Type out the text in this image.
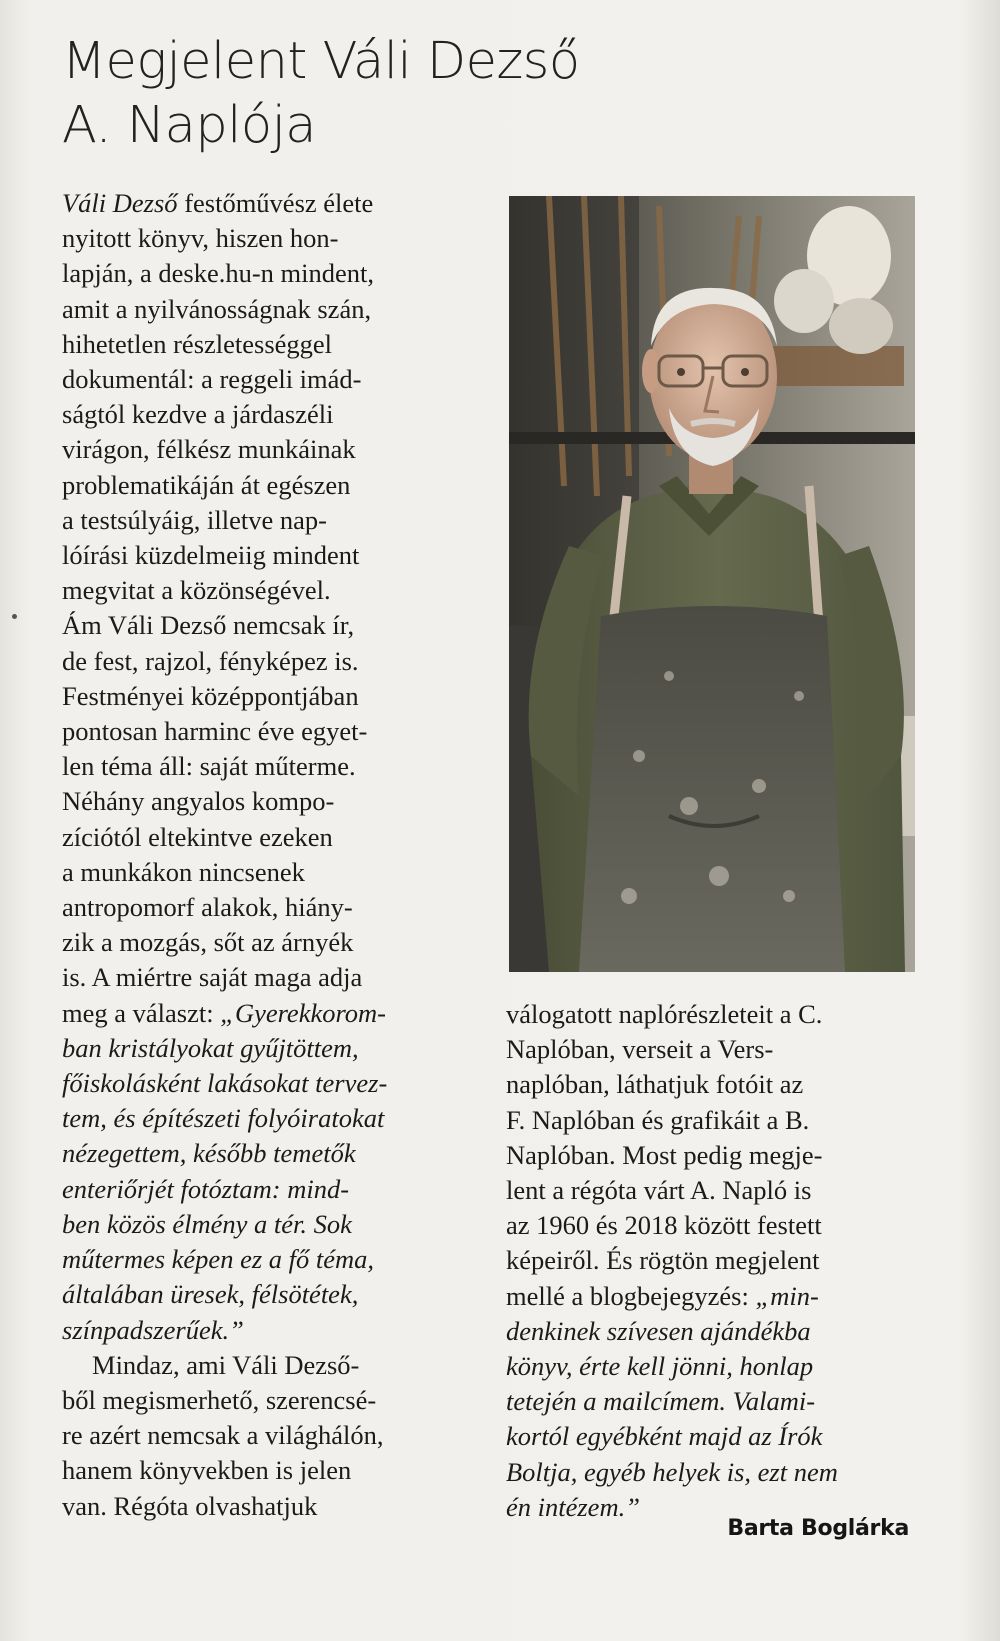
Megjelent Váli Dezső
A. Naplója
Váli Dezső festőművész élete
nyitott könyv, hiszen hon-
lapján, a deske.hu-n mindent,
amit a nyilvánosságnak szán,
hihetetlen részletességgel
dokumentál: a reggeli imád-
ságtól kezdve a járdaszéli
virágon, félkész munkáinak
problematikáján át egészen
a testsúlyáig, illetve nap-
lóírási küzdelmeiig mindent
megvitat a közönségével.
Ám Váli Dezső nemcsak ír,
de fest, rajzol, fényképez is.
Festményei középpontjában
pontosan harminc éve egyet-
len téma áll: saját műterme.
Néhány angyalos kompo-
zíciótól eltekintve ezeken
a munkákon nincsenek
antropomorf alakok, hiány-
zik a mozgás, sőt az árnyék
is. A miértre saját maga adja
meg a választ: „Gyerekkorom-
ban kristályokat gyűjtöttem,
főiskolásként lakásokat tervez-
tem, és építészeti folyóiratokat
nézegettem, később temetők
enteriőrjét fotóztam: mind-
ben közös élmény a tér. Sok
műtermes képen ez a fő téma,
általában üresek, félsötétek,
színpadszerűek.”
Mindaz, ami Váli Dezső-
ből megismerhető, szerencsé-
re azért nemcsak a világhálón,
hanem könyvekben is jelen
van. Régóta olvashatjuk
válogatott naplórészleteit a C.
Naplóban, verseit a Vers-
naplóban, láthatjuk fotóit az
F. Naplóban és grafikáit a B.
Naplóban. Most pedig megje-
lent a régóta várt A. Napló is
az 1960 és 2018 között festett
képeiről. És rögtön megjelent
mellé a blogbejegyzés: „min-
denkinek szívesen ajándékba
könyv, érte kell jönni, honlap
tetején a mailcímem. Valami-
kortól egyébként majd az Írók
Boltja, egyéb helyek is, ezt nem
én intézem.”
Barta Boglárka
